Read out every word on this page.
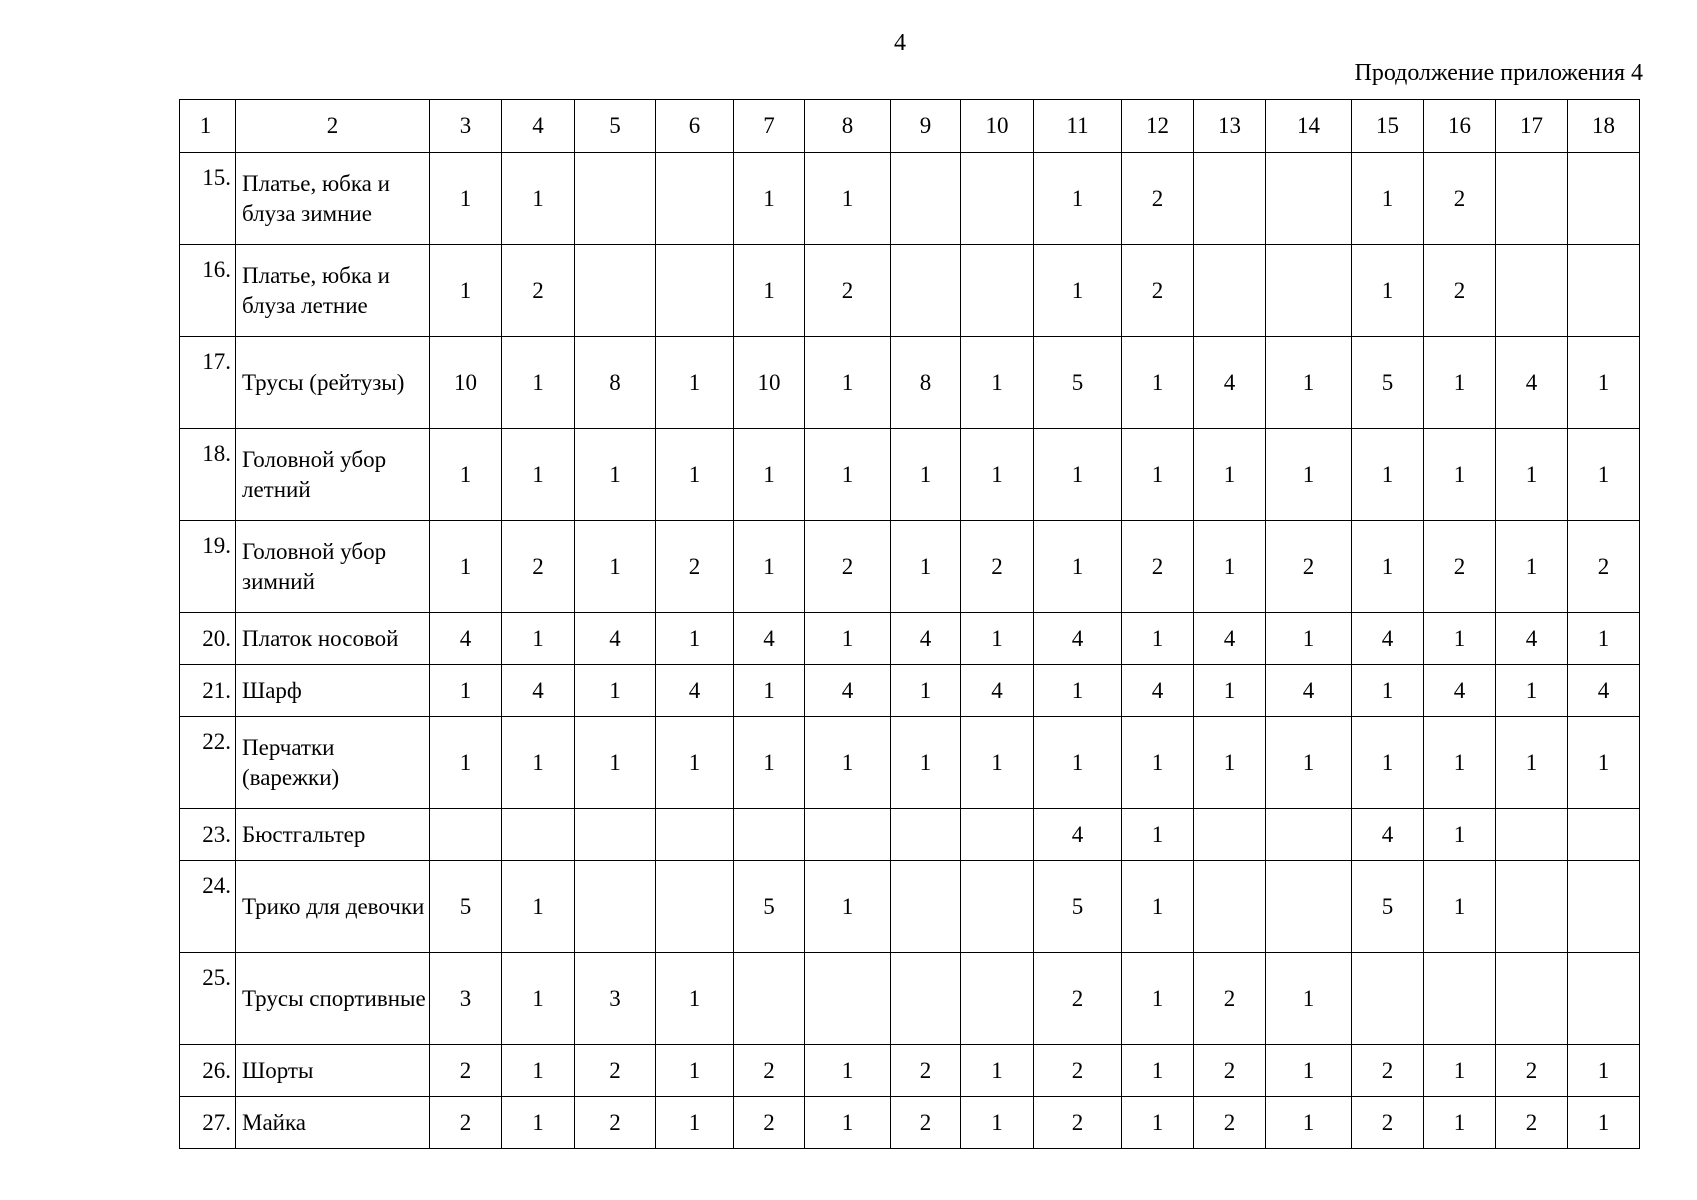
4
Продолжение приложения 4
1	2	3	4	5	6	7	8	9	10	11	12	13	14	15	16	17	18
15.	Платье, юбка и блуза зимние	1	1			1	1			1	2			1	2		
16.	Платье, юбка и блуза летние	1	2			1	2			1	2			1	2		
17.	Трусы (рейтузы)	10	1	8	1	10	1	8	1	5	1	4	1	5	1	4	1
18.	Головной убор летний	1	1	1	1	1	1	1	1	1	1	1	1	1	1	1	1
19.	Головной убор зимний	1	2	1	2	1	2	1	2	1	2	1	2	1	2	1	2
20.	Платок носовой	4	1	4	1	4	1	4	1	4	1	4	1	4	1	4	1
21.	Шарф	1	4	1	4	1	4	1	4	1	4	1	4	1	4	1	4
22.	Перчатки (варежки)	1	1	1	1	1	1	1	1	1	1	1	1	1	1	1	1
23.	Бюстгальтер									4	1			4	1		
24.	Трико для девочки	5	1			5	1			5	1			5	1		
25.	Трусы спортивные	3	1	3	1					2	1	2	1				
26.	Шорты	2	1	2	1	2	1	2	1	2	1	2	1	2	1	2	1
27.	Майка	2	1	2	1	2	1	2	1	2	1	2	1	2	1	2	1
